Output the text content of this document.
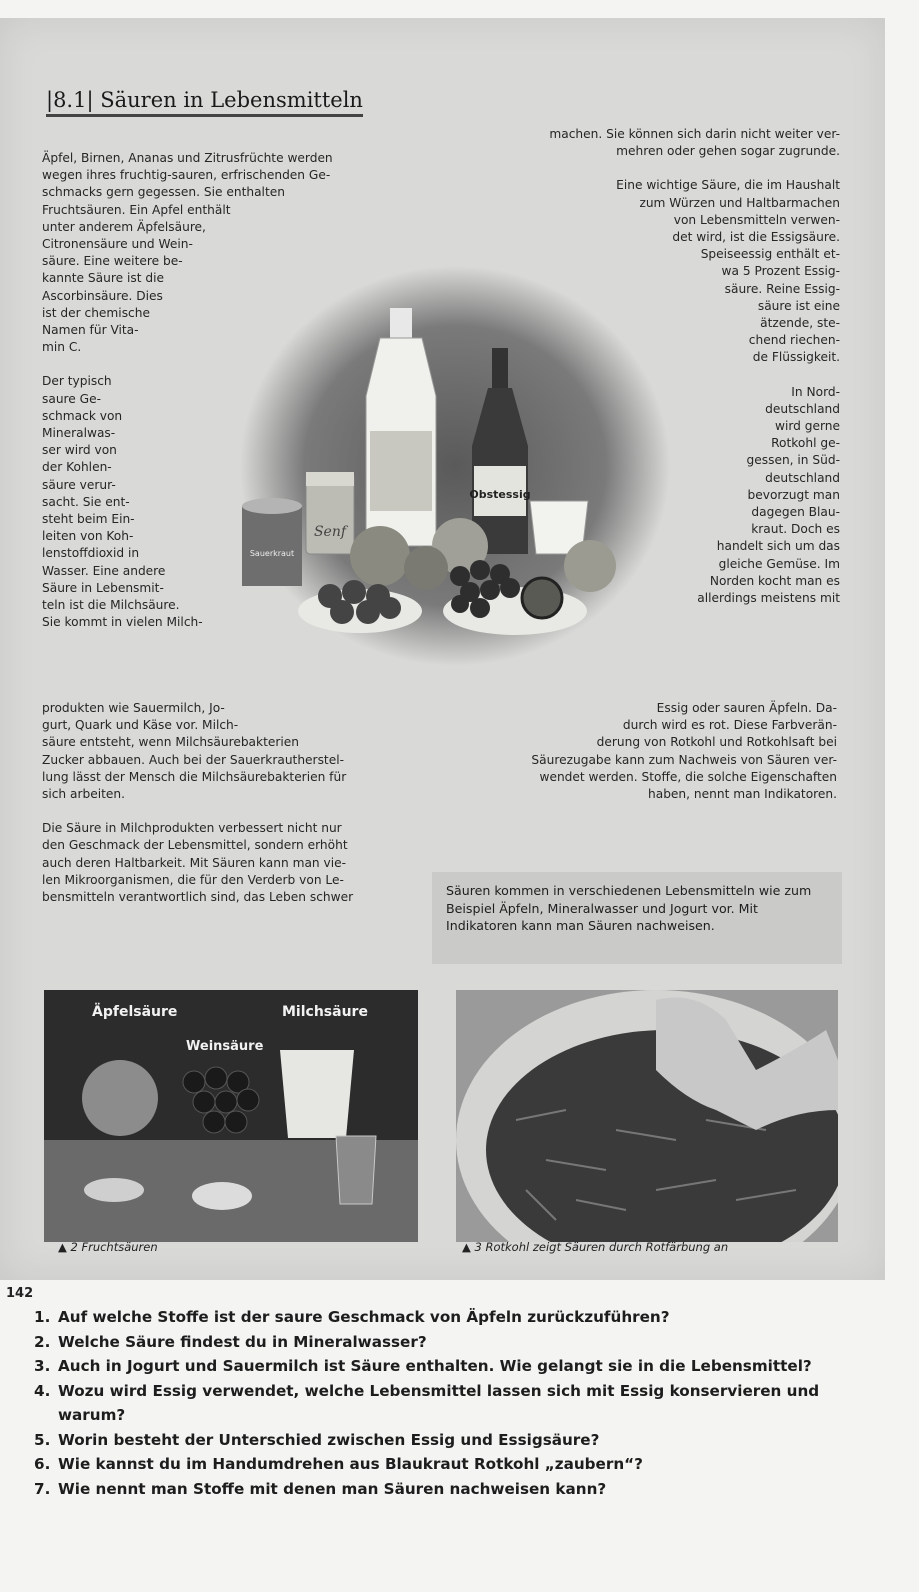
|8.1| Säuren in Lebensmitteln
Obstessig
Senf
Sauerkraut

Äpfel, Birnen, Ananas und Zitrusfrüchte werden

wegen ihres fruchtig-sauren, erfrischenden Ge-

schmacks gern gegessen. Sie enthalten

Fruchtsäuren. Ein Apfel enthält

unter anderem Äpfelsäure,

Citronensäure und Wein-

säure. Eine weitere be-

kannte Säure ist die

Ascorbinsäure. Dies

ist der chemische

Namen für Vita-

min C.

Der typisch

saure Ge-

schmack von

Mineralwas-

ser wird von

der Kohlen-

säure verur-

sacht. Sie ent-

steht beim Ein-

leiten von Koh-

lenstoffdioxid in

Wasser. Eine andere

Säure in Lebensmit-

teln ist die Milchsäure.

Sie kommt in vielen Milch-

machen. Sie können sich darin nicht weiter ver-

mehren oder gehen sogar zugrunde.

Eine wichtige Säure, die im Haushalt

zum Würzen und Haltbarmachen

von Lebensmitteln verwen-

det wird, ist die Essigsäure.

Speiseessig enthält et-

wa 5 Prozent Essig-

säure. Reine Essig-

säure ist eine

ätzende, ste-

chend riechen-

de Flüssigkeit.

In Nord-

deutschland

wird gerne

Rotkohl ge-

gessen, in Süd-

deutschland

bevorzugt man

dagegen Blau-

kraut. Doch es

handelt sich um das

gleiche Gemüse. Im

Norden kocht man es

allerdings meistens mit

produkten wie Sauermilch, Jo-

gurt, Quark und Käse vor. Milch-

säure entsteht, wenn Milchsäurebakterien

Zucker abbauen. Auch bei der Sauerkrautherstel-

lung lässt der Mensch die Milchsäurebakterien für

sich arbeiten.

Die Säure in Milchprodukten verbessert nicht nur

den Geschmack der Lebensmittel, sondern erhöht

auch deren Haltbarkeit. Mit Säuren kann man vie-

len Mikroorganismen, die für den Verderb von Le-

bensmitteln verantwortlich sind, das Leben schwer

Essig oder sauren Äpfeln. Da-

durch wird es rot. Diese Farbverän-

derung von Rotkohl und Rotkohlsaft bei

Säurezugabe kann zum Nachweis von Säuren ver-

wendet werden. Stoffe, die solche Eigenschaften

haben, nennt man Indikatoren.

Säuren kommen in verschiedenen Lebensmitteln wie zum Beispiel Äpfeln, Mineralwasser und Jogurt vor. Mit Indikatoren kann man Säuren nachweisen.
Äpfelsäure	Milchsäure
Weinsäure
▲ 2 Fruchtsäuren	▲ 3 Rotkohl zeigt Säuren durch Rotfärbung an
142
1. Auf welche Stoffe ist der saure Geschmack von Äpfeln zurückzuführen?
2. Welche Säure findest du in Mineralwasser?
3. Auch in Jogurt und Sauermilch ist Säure enthalten. Wie gelangt sie in die Lebensmittel?
4. Wozu wird Essig verwendet, welche Lebensmittel lassen sich mit Essig konservieren und warum?
5. Worin besteht der Unterschied zwischen Essig und Essigsäure?
6. Wie kannst du im Handumdrehen aus Blaukraut Rotkohl „zaubern“?
7. Wie nennt man Stoffe mit denen man Säuren nachweisen kann?
